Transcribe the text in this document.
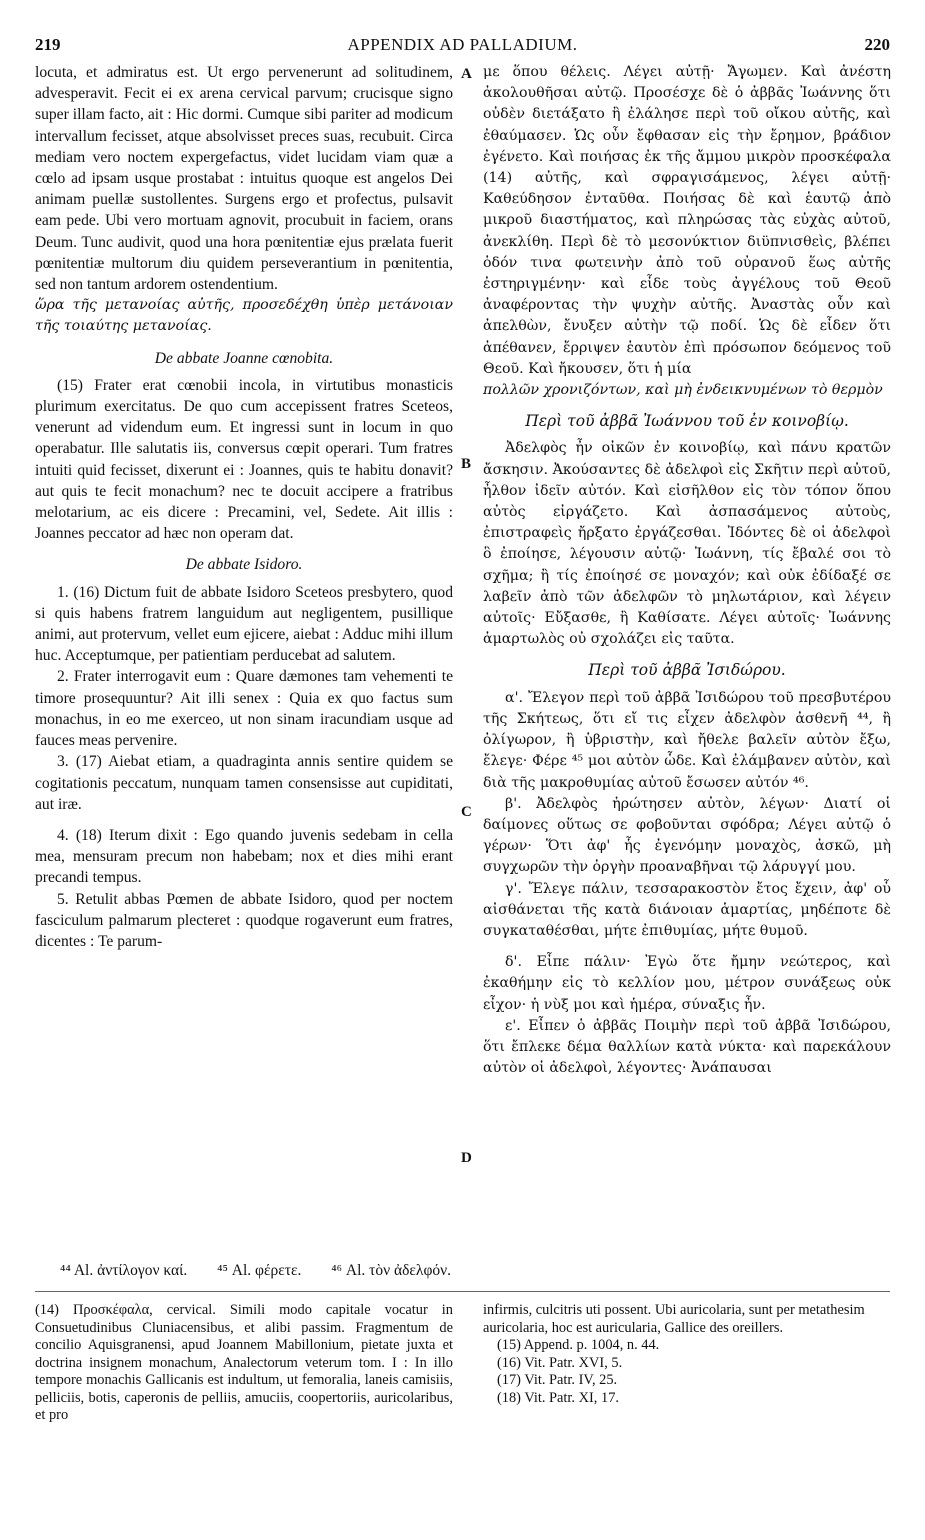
219	APPENDIX AD PALLADIUM.	220
A
B
C
D

locuta, et admiratus est. Ut ergo pervenerunt ad solitudinem, advesperavit. Fecit ei ex arena cervical parvum; crucisque signo super illam facto, ait : Hic dormi. Cumque sibi pariter ad modicum intervallum fecisset, atque absolvisset preces suas, recubuit. Circa mediam vero noctem expergefactus, videt lucidam viam quæ a cœlo ad ipsam usque prostabat : intuitus quoque est angelos Dei animam puellæ sustollentes. Surgens ergo et profectus, pulsavit eam pede. Ubi vero mortuam agnovit, procubuit in faciem, orans Deum. Tunc audivit, quod una hora pœnitentiæ ejus prælata fuerit pœnitentiæ multorum diu quidem perseverantium in pœnitentia, sed non tantum ardorem ostendentium.

ὥρα τῆς μετανοίας αὐτῆς, προσεδέχθη ὑπὲρ μετάνοιαν τῆς τοιαύτης μετανοίας.

De abbate Joanne cœnobita.

(15) Frater erat cœnobii incola, in virtutibus monasticis plurimum exercitatus. De quo cum accepissent fratres Sceteos, venerunt ad videndum eum. Et ingressi sunt in locum in quo operabatur. Ille salutatis iis, conversus cœpit operari. Tum fratres intuiti quid fecisset, dixerunt ei : Joannes, quis te habitu donavit? aut quis te fecit monachum? nec te docuit accipere a fratribus melotarium, ac eis dicere : Precamini, vel, Sedete. Ait illis : Joannes peccator ad hæc non operam dat.

De abbate Isidoro.

1. (16) Dictum fuit de abbate Isidoro Sceteos presbytero, quod si quis habens fratrem languidum aut negligentem, pusillique animi, aut protervum, vellet eum ejicere, aiebat : Adduc mihi illum huc. Acceptumque, per patientiam perducebat ad salutem.

2. Frater interrogavit eum : Quare dæmones tam vehementi te timore prosequuntur? Ait illi senex : Quia ex quo factus sum monachus, in eo me exerceo, ut non sinam iracundiam usque ad fauces meas pervenire.

3. (17) Aiebat etiam, a quadraginta annis sentire quidem se cogitationis peccatum, nunquam tamen consensisse aut cupiditati, aut iræ.

4. (18) Iterum dixit : Ego quando juvenis sedebam in cella mea, mensuram precum non habebam; nox et dies mihi erant precandi tempus.

5. Retulit abbas Pœmen de abbate Isidoro, quod per noctem fasciculum palmarum plecteret : quodque rogaverunt eum fratres, dicentes : Te parum-

με ὅπου θέλεις. Λέγει αὐτῇ· Ἄγωμεν. Καὶ ἀνέστη ἀκολουθῆσαι αὐτῷ. Προσέσχε δὲ ὁ ἀββᾶς Ἰωάννης ὅτι οὐδὲν διετάξατο ἢ ἐλάλησε περὶ τοῦ οἴκου αὐτῆς, καὶ ἐθαύμασεν. Ὡς οὖν ἔφθασαν εἰς τὴν ἔρημον, βράδιον ἐγένετο. Καὶ ποιήσας ἐκ τῆς ἄμμου μικρὸν προσκέφαλα (14) αὐτῆς, καὶ σφραγισάμενος, λέγει αὐτῇ· Καθεύδησον ἐνταῦθα. Ποιήσας δὲ καὶ ἑαυτῷ ἀπὸ μικροῦ διαστήματος, καὶ πληρώσας τὰς εὐχὰς αὐτοῦ, ἀνεκλίθη. Περὶ δὲ τὸ μεσονύκτιον διϋπνισθεὶς, βλέπει ὁδόν τινα φωτεινὴν ἀπὸ τοῦ οὐρανοῦ ἕως αὐτῆς ἐστηριγμένην· καὶ εἶδε τοὺς ἀγγέλους τοῦ Θεοῦ ἀναφέροντας τὴν ψυχὴν αὐτῆς. Ἀναστὰς οὖν καὶ ἀπελθὼν, ἔνυξεν αὐτὴν τῷ ποδί. Ὡς δὲ εἶδεν ὅτι ἀπέθανεν, ἔρριψεν ἑαυτὸν ἐπὶ πρόσωπον δεόμενος τοῦ Θεοῦ. Καὶ ἤκουσεν, ὅτι ἡ μία

πολλῶν χρονιζόντων, καὶ μὴ ἐνδεικνυμένων τὸ θερμὸν

Περὶ τοῦ ἀββᾶ Ἰωάννου τοῦ ἐν κοινοβίῳ.

Ἀδελφὸς ἦν οἰκῶν ἐν κοινοβίῳ, καὶ πάνυ κρατῶν ἄσκησιν. Ἀκούσαντες δὲ ἀδελφοὶ εἰς Σκῆτιν περὶ αὐτοῦ, ἦλθον ἰδεῖν αὐτόν. Καὶ εἰσῆλθον εἰς τὸν τόπον ὅπου αὐτὸς εἰργάζετο. Καὶ ἀσπασάμενος αὐτοὺς, ἐπιστραφεὶς ἤρξατο ἐργάζεσθαι. Ἰδόντες δὲ οἱ ἀδελφοὶ ὃ ἐποίησε, λέγουσιν αὐτῷ· Ἰωάννη, τίς ἔβαλέ σοι τὸ σχῆμα; ἢ τίς ἐποίησέ σε μοναχόν; καὶ οὐκ ἐδίδαξέ σε λαβεῖν ἀπὸ τῶν ἀδελφῶν τὸ μηλωτάριον, καὶ λέγειν αὐτοῖς· Εὔξασθε, ἢ Καθίσατε. Λέγει αὐτοῖς· Ἰωάννης ἁμαρτωλὸς οὐ σχολάζει εἰς ταῦτα.

Περὶ τοῦ ἀββᾶ Ἰσιδώρου.

α'. Ἔλεγον περὶ τοῦ ἀββᾶ Ἰσιδώρου τοῦ πρεσβυτέρου τῆς Σκήτεως, ὅτι εἴ τις εἶχεν ἀδελφὸν ἀσθενῆ ⁴⁴, ἢ ὀλίγωρον, ἢ ὑβριστὴν, καὶ ἤθελε βαλεῖν αὐτὸν ἔξω, ἔλεγε· Φέρε ⁴⁵ μοι αὐτὸν ὧδε. Καὶ ἐλάμβανεν αὐτὸν, καὶ διὰ τῆς μακροθυμίας αὐτοῦ ἔσωσεν αὐτόν ⁴⁶.

β'. Ἀδελφὸς ἠρώτησεν αὐτὸν, λέγων· Διατί οἱ δαίμονες οὕτως σε φοβοῦνται σφόδρα; Λέγει αὐτῷ ὁ γέρων· Ὅτι ἀφ' ἧς ἐγενόμην μοναχὸς, ἀσκῶ, μὴ συγχωρῶν τὴν ὀργὴν προαναβῆναι τῷ λάρυγγί μου.

γ'. Ἔλεγε πάλιν, τεσσαρακοστὸν ἔτος ἔχειν, ἀφ' οὗ αἰσθάνεται τῆς κατὰ διάνοιαν ἁμαρτίας, μηδέποτε δὲ συγκαταθέσθαι, μήτε ἐπιθυμίας, μήτε θυμοῦ.

δ'. Εἶπε πάλιν· Ἐγὼ ὅτε ἤμην νεώτερος, καὶ ἐκαθήμην εἰς τὸ κελλίον μου, μέτρον συνάξεως οὐκ εἶχον· ἡ νὺξ μοι καὶ ἡμέρα, σύναξις ἦν.

ε'. Εἶπεν ὁ ἀββᾶς Ποιμὴν περὶ τοῦ ἀββᾶ Ἰσιδώρου, ὅτι ἔπλεκε δέμα θαλλίων κατὰ νύκτα· καὶ παρεκάλουν αὐτὸν οἱ ἀδελφοὶ, λέγοντες· Ἀνάπαυσαι

⁴⁴ Al. ἀντίλογον καί. ⁴⁵ Al. φέρετε. ⁴⁶ Al. τὸν ἀδελφόν.

(14) Προσκέφαλα, cervical. Simili modo capitale vocatur in Consuetudinibus Cluniacensibus, et alibi passim. Fragmentum de concilio Aquisgranensi, apud Joannem Mabillonium, pietate juxta et doctrina insignem monachum, Analectorum veterum tom. I : In illo tempore monachis Gallicanis est indultum, ut femoralia, laneis camisiis, pelliciis, botis, caperonis de pelliis, amuciis, coopertoriis, auricolaribus, et pro

infirmis, culcitris uti possent. Ubi auricolaria, sunt per metathesim auricolaria, hoc est auricularia, Gallice des oreillers.

(15) Append. p. 1004, n. 44.

(16) Vit. Patr. XVI, 5.

(17) Vit. Patr. IV, 25.

(18) Vit. Patr. XI, 17.
